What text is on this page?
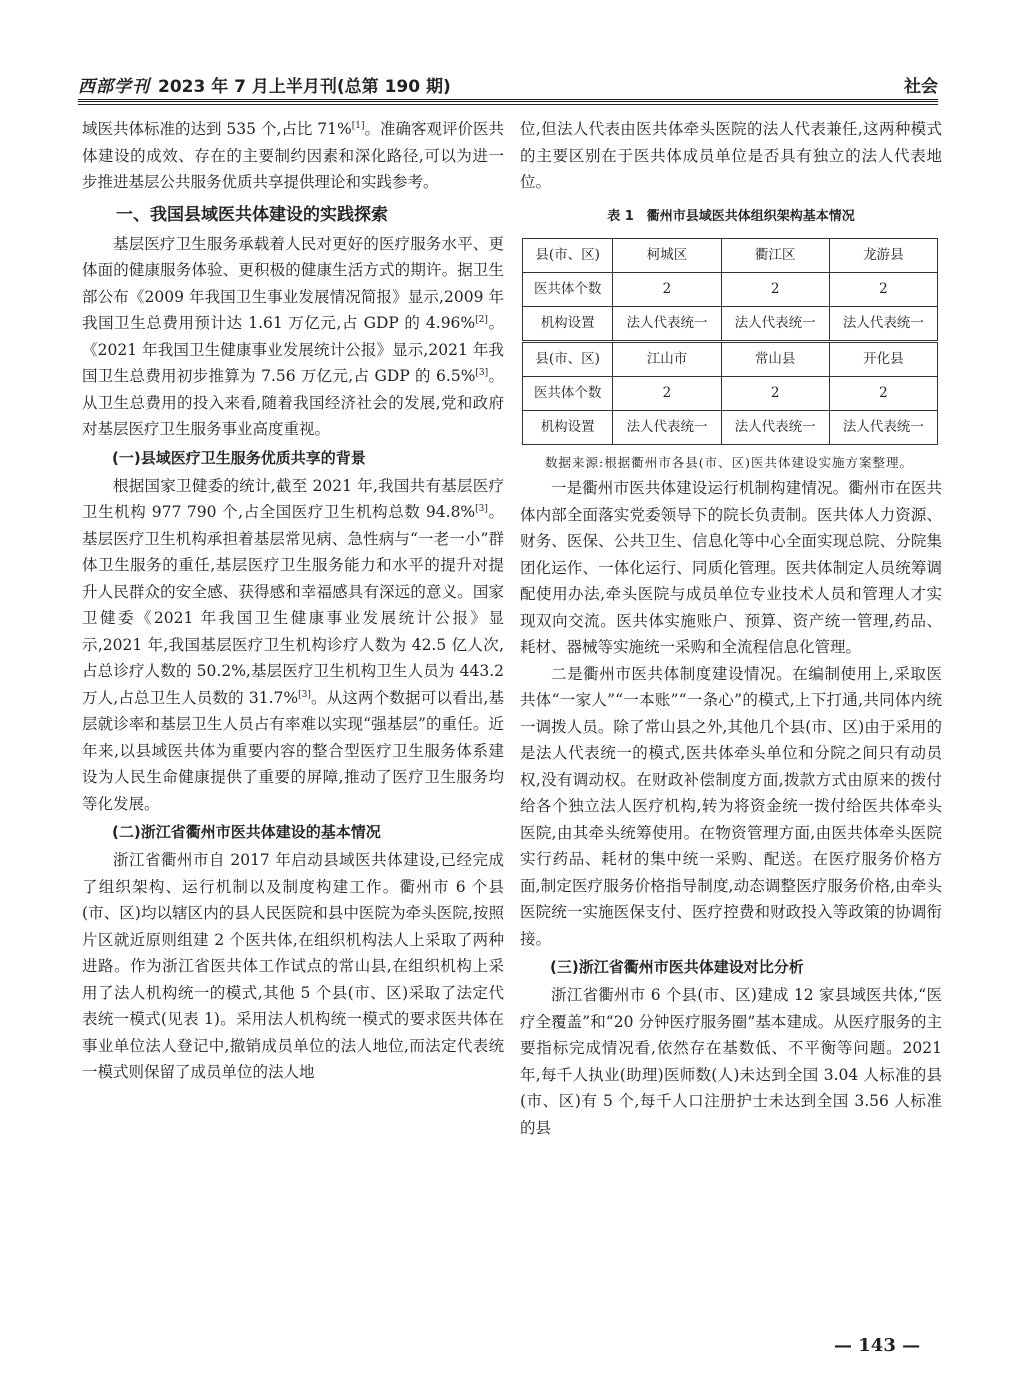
西部学刊 2023 年 7 月上半月刊(总第 190 期)	社会

域医共体标准的达到 535 个,占比 71%[1]。准确客观评价医共体建设的成效、存在的主要制约因素和深化路径,可以为进一步推进基层公共服务优质共享提供理论和实践参考。

一、我国县域医共体建设的实践探索

基层医疗卫生服务承载着人民对更好的医疗服务水平、更体面的健康服务体验、更积极的健康生活方式的期许。据卫生部公布《2009 年我国卫生事业发展情况简报》显示,2009 年我国卫生总费用预计达 1.61 万亿元,占 GDP 的 4.96%[2]。《2021 年我国卫生健康事业发展统计公报》显示,2021 年我国卫生总费用初步推算为 7.56 万亿元,占 GDP 的 6.5%[3]。从卫生总费用的投入来看,随着我国经济社会的发展,党和政府对基层医疗卫生服务事业高度重视。

(一)县域医疗卫生服务优质共享的背景

根据国家卫健委的统计,截至 2021 年,我国共有基层医疗卫生机构 977 790 个,占全国医疗卫生机构总数 94.8%[3]。基层医疗卫生机构承担着基层常见病、急性病与“一老一小”群体卫生服务的重任,基层医疗卫生服务能力和水平的提升对提升人民群众的安全感、获得感和幸福感具有深远的意义。国家卫健委《2021 年我国卫生健康事业发展统计公报》显示,2021 年,我国基层医疗卫生机构诊疗人数为 42.5 亿人次,占总诊疗人数的 50.2%,基层医疗卫生机构卫生人员为 443.2 万人,占总卫生人员数的 31.7%[3]。从这两个数据可以看出,基层就诊率和基层卫生人员占有率难以实现“强基层”的重任。近年来,以县域医共体为重要内容的整合型医疗卫生服务体系建设为人民生命健康提供了重要的屏障,推动了医疗卫生服务均等化发展。

(二)浙江省衢州市医共体建设的基本情况

浙江省衢州市自 2017 年启动县域医共体建设,已经完成了组织架构、运行机制以及制度构建工作。衢州市 6 个县(市、区)均以辖区内的县人民医院和县中医院为牵头医院,按照片区就近原则组建 2 个医共体,在组织机构法人上采取了两种进路。作为浙江省医共体工作试点的常山县,在组织机构上采用了法人机构统一的模式,其他 5 个县(市、区)采取了法定代表统一模式(见表 1)。采用法人机构统一模式的要求医共体在事业单位法人登记中,撤销成员单位的法人地位,而法定代表统一模式则保留了成员单位的法人地

位,但法人代表由医共体牵头医院的法人代表兼任,这两种模式的主要区别在于医共体成员单位是否具有独立的法人代表地位。

表 1　衢州市县域医共体组织架构基本情况
县(市、区)	柯城区	衢江区	龙游县
医共体个数	2	2	2
机构设置	法人代表统一	法人代表统一	法人代表统一
县(市、区)	江山市	常山县	开化县
医共体个数	2	2	2
机构设置	法人代表统一	法人代表统一	法人代表统一

数据来源:根据衢州市各县(市、区)医共体建设实施方案整理。

一是衢州市医共体建设运行机制构建情况。衢州市在医共体内部全面落实党委领导下的院长负责制。医共体人力资源、财务、医保、公共卫生、信息化等中心全面实现总院、分院集团化运作、一体化运行、同质化管理。医共体制定人员统筹调配使用办法,牵头医院与成员单位专业技术人员和管理人才实现双向交流。医共体实施账户、预算、资产统一管理,药品、耗材、器械等实施统一采购和全流程信息化管理。

二是衢州市医共体制度建设情况。在编制使用上,采取医共体“一家人”“一本账”“一条心”的模式,上下打通,共同体内统一调拨人员。除了常山县之外,其他几个县(市、区)由于采用的是法人代表统一的模式,医共体牵头单位和分院之间只有动员权,没有调动权。在财政补偿制度方面,拨款方式由原来的拨付给各个独立法人医疗机构,转为将资金统一拨付给医共体牵头医院,由其牵头统筹使用。在物资管理方面,由医共体牵头医院实行药品、耗材的集中统一采购、配送。在医疗服务价格方面,制定医疗服务价格指导制度,动态调整医疗服务价格,由牵头医院统一实施医保支付、医疗控费和财政投入等政策的协调衔接。

(三)浙江省衢州市医共体建设对比分析

浙江省衢州市 6 个县(市、区)建成 12 家县域医共体,“医疗全覆盖”和“20 分钟医疗服务圈”基本建成。从医疗服务的主要指标完成情况看,依然存在基数低、不平衡等问题。2021 年,每千人执业(助理)医师数(人)未达到全国 3.04 人标准的县(市、区)有 5 个,每千人口注册护士未达到全国 3.56 人标准的县

— 143 —
